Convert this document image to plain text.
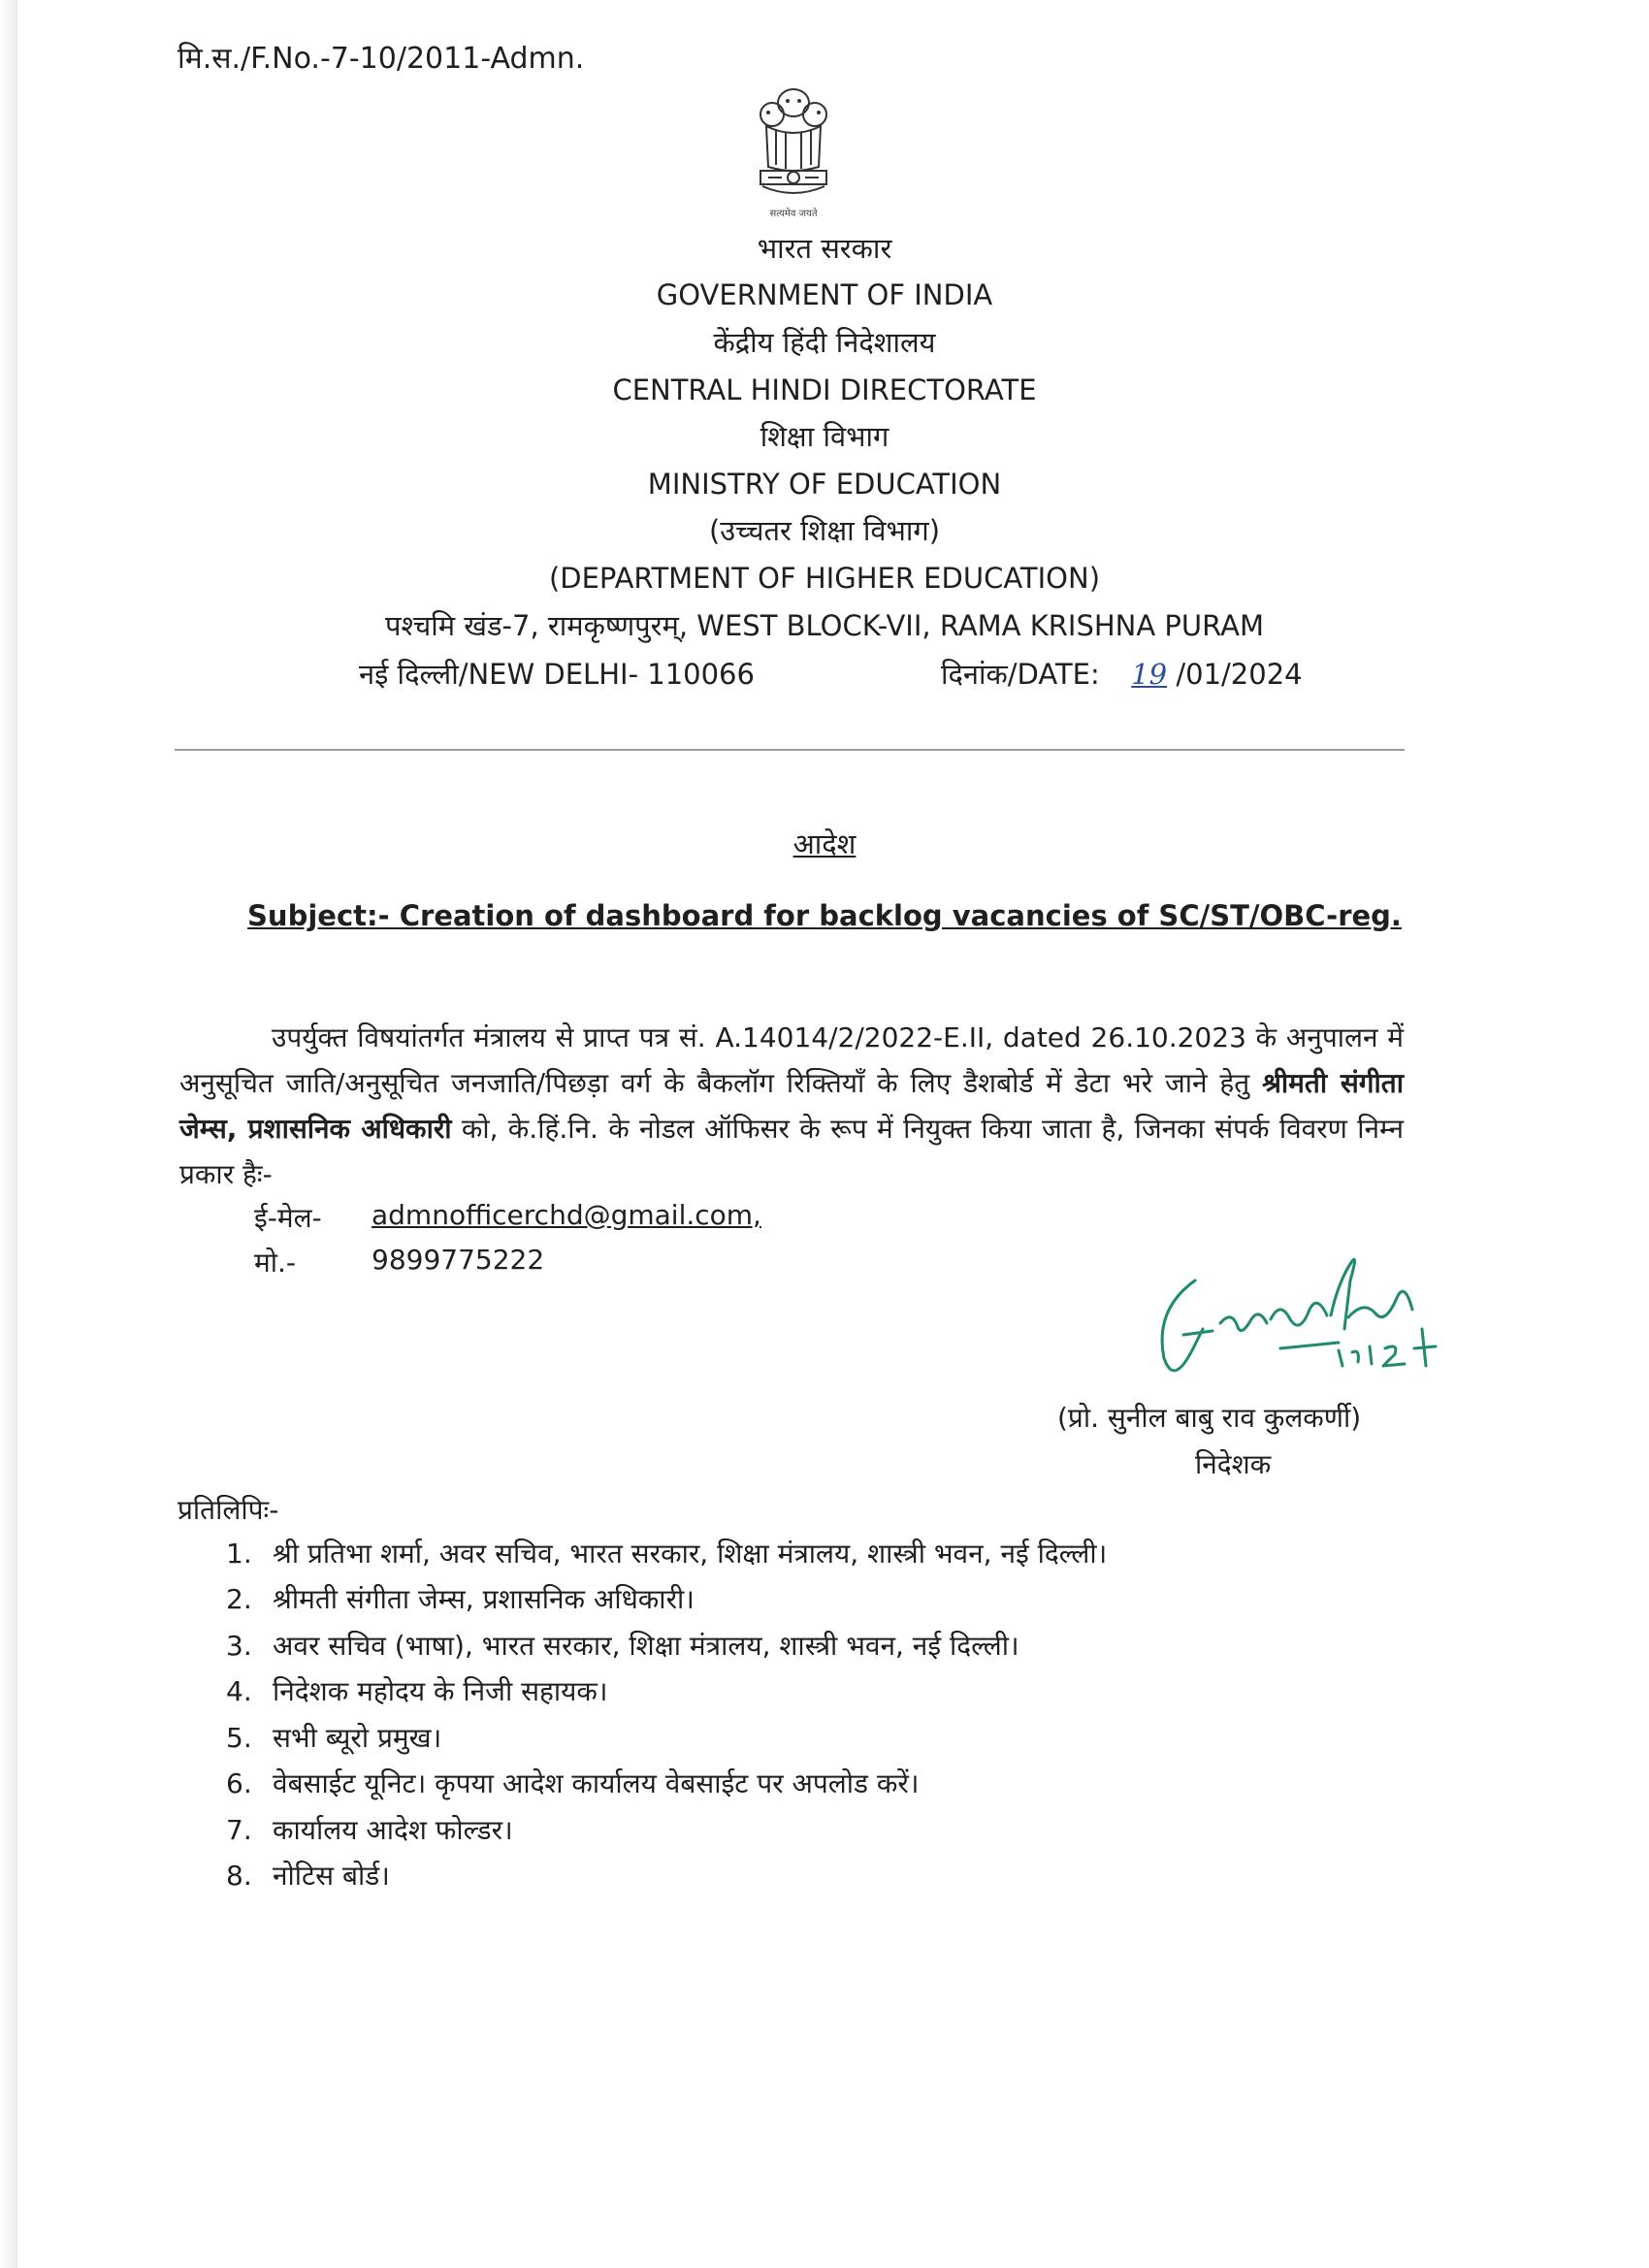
मि.स./F.No.-7-10/2011-Admn.
सत्यमेव जयते
भारत सरकार
GOVERNMENT OF INDIA
केंद्रीय हिंदी निदेशालय
CENTRAL HINDI DIRECTORATE
शिक्षा विभाग
MINISTRY OF EDUCATION
(उच्चतर शिक्षा विभाग)
(DEPARTMENT OF HIGHER EDUCATION)
पश्चमि खंड-7, रामकृष्णपुरम्, WEST BLOCK-VII, RAMA KRISHNA PURAM
नई दिल्ली/NEW DELHI- 110066	दिनांक/DATE: 19 /01/2024
आदेश
Subject:- Creation of dashboard for backlog vacancies of SC/ST/OBC-reg.
उपर्युक्त विषयांतर्गत मंत्रालय से प्राप्त पत्र सं. A.14014/2/2022-E.II, dated 26.10.2023 के अनुपालन में अनुसूचित जाति/अनुसूचित जनजाति/पिछड़ा वर्ग के बैकलॉग रिक्तियाँ के लिए डैशबोर्ड में डेटा भरे जाने हेतु श्रीमती संगीता जेम्स, प्रशासनिक अधिकारी को, के.हिं.नि. के नोडल ऑफिसर के रूप में नियुक्त किया जाता है, जिनका संपर्क विवरण निम्न प्रकार हैः-
ई-मेल- admnofficerchd@gmail.com,
मो.-	9899775222
(प्रो. सुनील बाबु राव कुलकर्णी)
निदेशक
प्रतिलिपिः-
1. श्री प्रतिभा शर्मा, अवर सचिव, भारत सरकार, शिक्षा मंत्रालय, शास्त्री भवन, नई दिल्ली।
2. श्रीमती संगीता जेम्स, प्रशासनिक अधिकारी।
3. अवर सचिव (भाषा), भारत सरकार, शिक्षा मंत्रालय, शास्त्री भवन, नई दिल्ली।
4. निदेशक महोदय के निजी सहायक।
5. सभी ब्यूरो प्रमुख।
6. वेबसाईट यूनिट। कृपया आदेश कार्यालय वेबसाईट पर अपलोड करें।
7. कार्यालय आदेश फोल्डर।
8. नोटिस बोर्ड।
